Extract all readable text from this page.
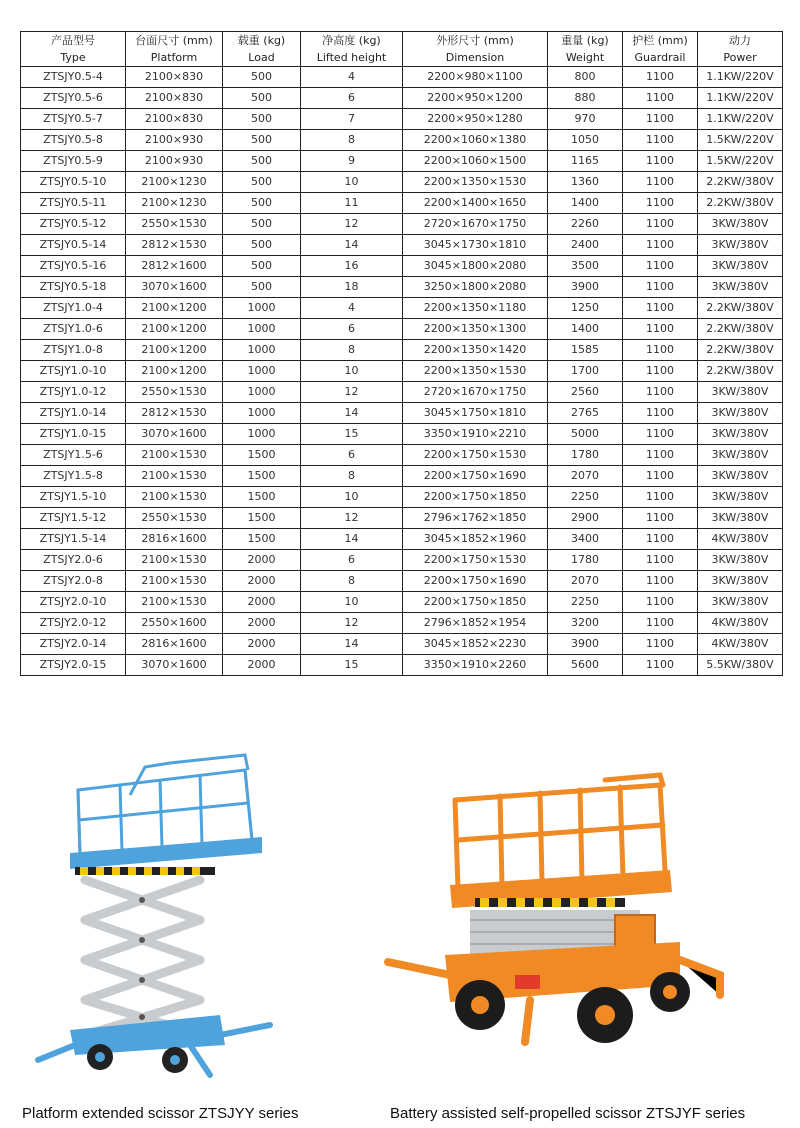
产品型号	台面尺寸 (mm)	载重 (kg)	净高度 (kg)	外形尺寸 (mm)	重量 (kg)	护栏 (mm)	动力
Type	Platform	Load	Lifted height	Dimension	Weight	Guardrail	Power
ZTSJY0.5-4	2100×830	500	4	2200×980×1100	800	1100	1.1KW/220V
ZTSJY0.5-6	2100×830	500	6	2200×950×1200	880	1100	1.1KW/220V
ZTSJY0.5-7	2100×830	500	7	2200×950×1280	970	1100	1.1KW/220V
ZTSJY0.5-8	2100×930	500	8	2200×1060×1380	1050	1100	1.5KW/220V
ZTSJY0.5-9	2100×930	500	9	2200×1060×1500	1165	1100	1.5KW/220V
ZTSJY0.5-10	2100×1230	500	10	2200×1350×1530	1360	1100	2.2KW/380V
ZTSJY0.5-11	2100×1230	500	11	2200×1400×1650	1400	1100	2.2KW/380V
ZTSJY0.5-12	2550×1530	500	12	2720×1670×1750	2260	1100	3KW/380V
ZTSJY0.5-14	2812×1530	500	14	3045×1730×1810	2400	1100	3KW/380V
ZTSJY0.5-16	2812×1600	500	16	3045×1800×2080	3500	1100	3KW/380V
ZTSJY0.5-18	3070×1600	500	18	3250×1800×2080	3900	1100	3KW/380V
ZTSJY1.0-4	2100×1200	1000	4	2200×1350×1180	1250	1100	2.2KW/380V
ZTSJY1.0-6	2100×1200	1000	6	2200×1350×1300	1400	1100	2.2KW/380V
ZTSJY1.0-8	2100×1200	1000	8	2200×1350×1420	1585	1100	2.2KW/380V
ZTSJY1.0-10	2100×1200	1000	10	2200×1350×1530	1700	1100	2.2KW/380V
ZTSJY1.0-12	2550×1530	1000	12	2720×1670×1750	2560	1100	3KW/380V
ZTSJY1.0-14	2812×1530	1000	14	3045×1750×1810	2765	1100	3KW/380V
ZTSJY1.0-15	3070×1600	1000	15	3350×1910×2210	5000	1100	3KW/380V
ZTSJY1.5-6	2100×1530	1500	6	2200×1750×1530	1780	1100	3KW/380V
ZTSJY1.5-8	2100×1530	1500	8	2200×1750×1690	2070	1100	3KW/380V
ZTSJY1.5-10	2100×1530	1500	10	2200×1750×1850	2250	1100	3KW/380V
ZTSJY1.5-12	2550×1530	1500	12	2796×1762×1850	2900	1100	3KW/380V
ZTSJY1.5-14	2816×1600	1500	14	3045×1852×1960	3400	1100	4KW/380V
ZTSJY2.0-6	2100×1530	2000	6	2200×1750×1530	1780	1100	3KW/380V
ZTSJY2.0-8	2100×1530	2000	8	2200×1750×1690	2070	1100	3KW/380V
ZTSJY2.0-10	2100×1530	2000	10	2200×1750×1850	2250	1100	3KW/380V
ZTSJY2.0-12	2550×1600	2000	12	2796×1852×1954	3200	1100	4KW/380V
ZTSJY2.0-14	2816×1600	2000	14	3045×1852×2230	3900	1100	4KW/380V
ZTSJY2.0-15	3070×1600	2000	15	3350×1910×2260	5600	1100	5.5KW/380V
Platform extended scissor ZTSJYY series	Battery assisted self-propelled scissor ZTSJYF series
